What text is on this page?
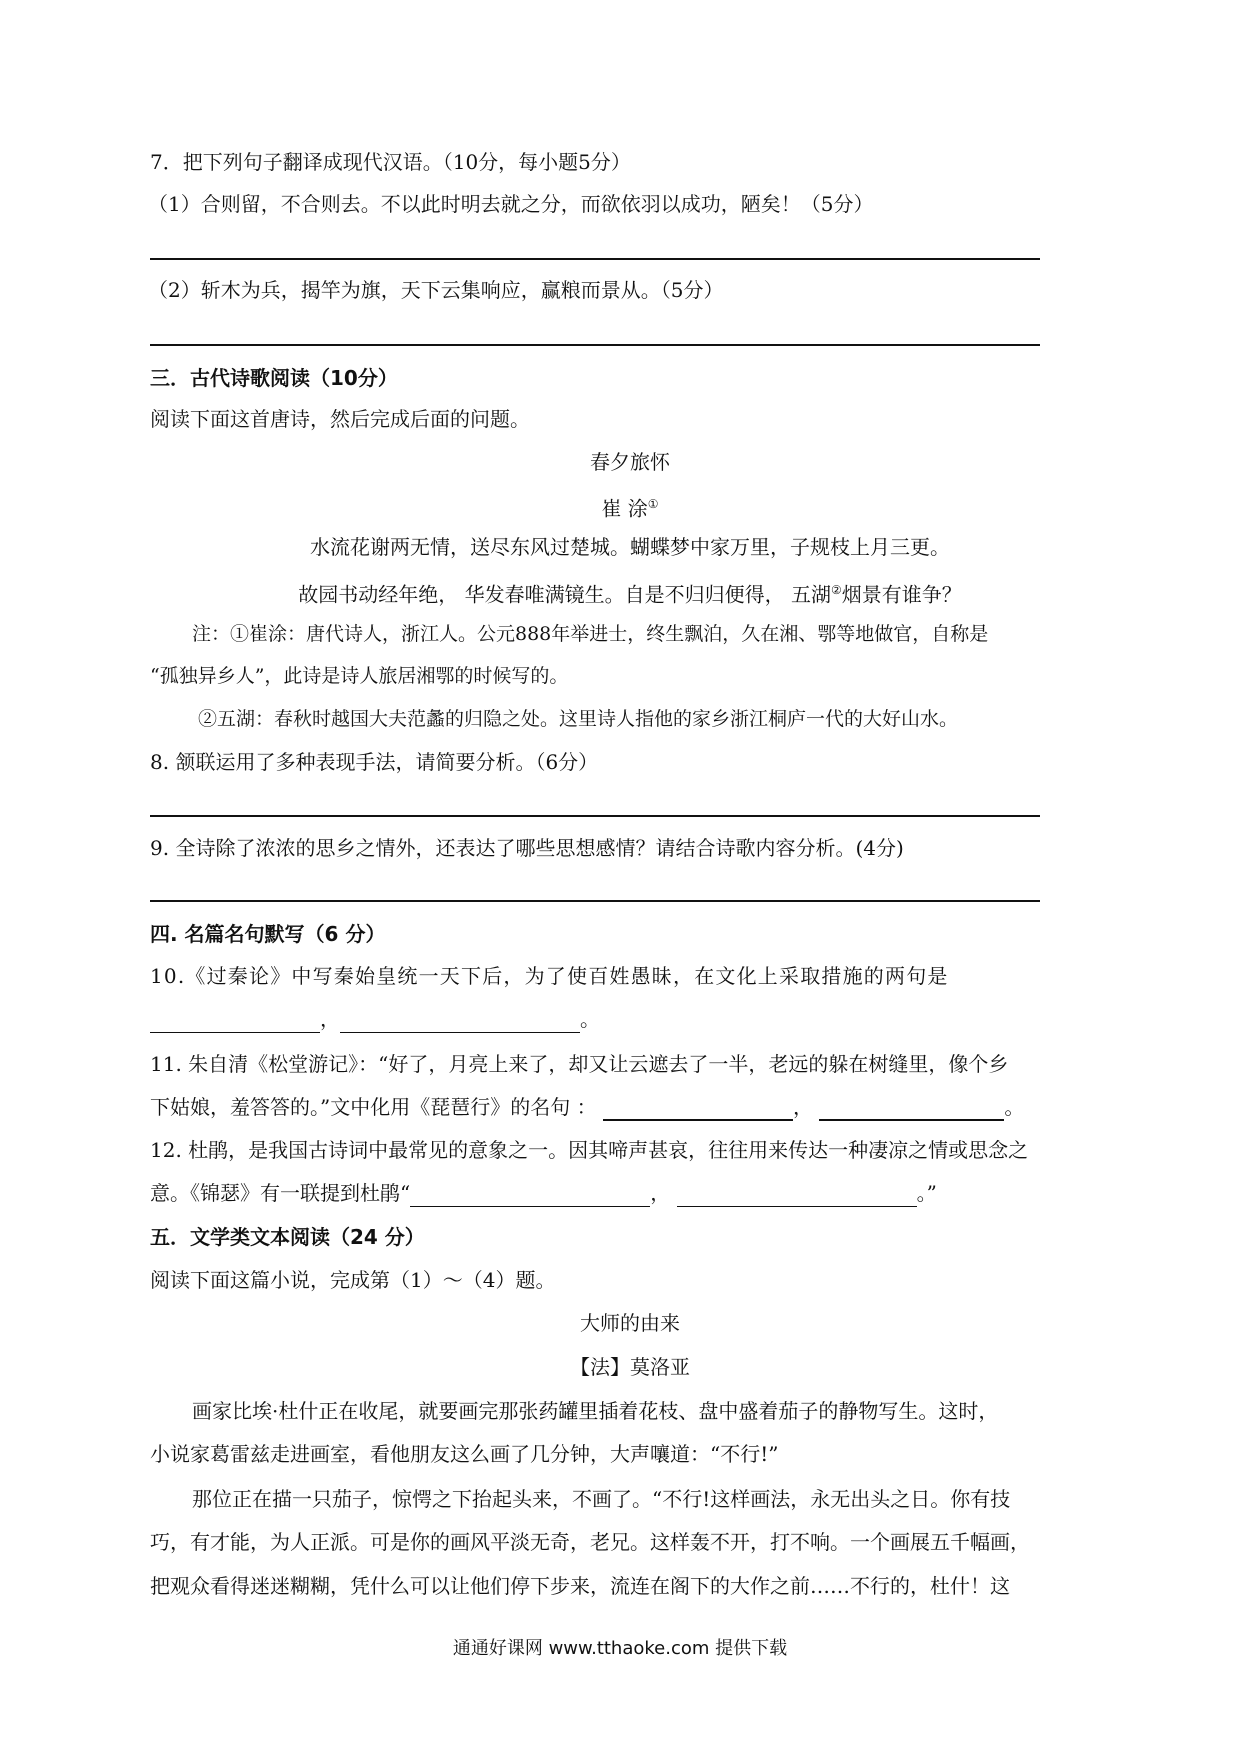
7．把下列句子翻译成现代汉语。（10分，每小题5分）
（1）合则留，不合则去。不以此时明去就之分，而欲依羽以成功，陋矣！（5分）
（2）斩木为兵，揭竿为旗，天下云集响应，赢粮而景从。（5分）
三．古代诗歌阅读（10分）
阅读下面这首唐诗，然后完成后面的问题。
春夕旅怀
崔 涂①
水流花谢两无情，送尽东风过楚城。蝴蝶梦中家万里，子规枝上月三更。
故园书动经年绝， 华发春唯满镜生。自是不归归便得， 五湖②烟景有谁争？
注：①崔涂：唐代诗人，浙江人。公元888年举进士，终生飘泊，久在湘、鄂等地做官，自称是
“孤独异乡人”，此诗是诗人旅居湘鄂的时候写的。
②五湖：春秋时越国大夫范蠡的归隐之处。这里诗人指他的家乡浙江桐庐一代的大好山水。
8. 颔联运用了多种表现手法，请简要分析。（6分）
9. 全诗除了浓浓的思乡之情外，还表达了哪些思想感情？请结合诗歌内容分析。(4分)
四. 名篇名句默写（6 分）
10.《过秦论》中写秦始皇统一天下后，为了使百姓愚昧，在文化上采取措施的两句是
，	。
11. 朱自清《松堂游记》：“好了，月亮上来了，却又让云遮去了一半，老远的躲在树缝里，像个乡
下姑娘，羞答答的。”文中化用《琵琶行》的名句 ：	，	。
12. 杜鹃，是我国古诗词中最常见的意象之一。因其啼声甚哀，往往用来传达一种凄凉之情或思念之
意。《锦瑟》有一联提到杜鹃“	，	。”
五．文学类文本阅读（24 分）
阅读下面这篇小说，完成第（1）～（4）题。
大师的由来
【法】莫洛亚
画家比埃·杜什正在收尾，就要画完那张药罐里插着花枝、盘中盛着茄子的静物写生。这时，
小说家葛雷兹走进画室，看他朋友这么画了几分钟，大声嚷道：“不行!”
那位正在描一只茄子，惊愕之下抬起头来，不画了。“不行!这样画法，永无出头之日。你有技
巧，有才能，为人正派。可是你的画风平淡无奇，老兄。这样轰不开，打不响。一个画展五千幅画，
把观众看得迷迷糊糊，凭什么可以让他们停下步来，流连在阁下的大作之前……不行的，杜什！这
通通好课网 www.tthaoke.com 提供下载
